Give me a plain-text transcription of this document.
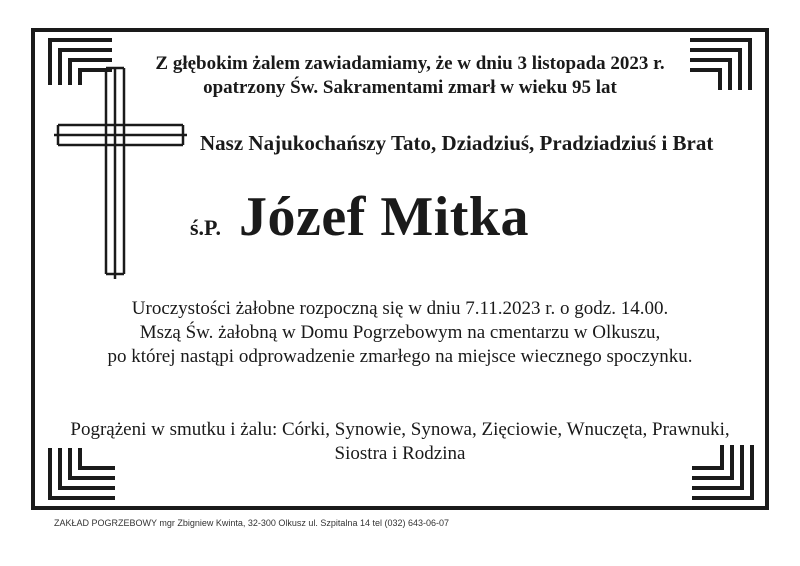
Z głębokim żalem zawiadamiamy, że w dniu 3 listopada 2023 r.
opatrzony Św. Sakramentami zmarł w wieku 95 lat
Nasz Najukochańszy Tato, Dziadziuś, Pradziadziuś i Brat
ś.P. Józef Mitka
Uroczystości żałobne rozpoczną się w dniu 7.11.2023 r. o godz. 14.00.
Mszą Św. żałobną w Domu Pogrzebowym na cmentarzu w Olkuszu,
po której nastąpi odprowadzenie zmarłego na miejsce wiecznego spoczynku.
Pogrążeni w smutku i żalu: Córki, Synowie, Synowa, Zięciowie, Wnuczęta, Prawnuki,
Siostra i Rodzina
ZAKŁAD POGRZEBOWY mgr Zbigniew Kwinta, 32-300 Olkusz ul. Szpitalna 14 tel (032) 643-06-07
